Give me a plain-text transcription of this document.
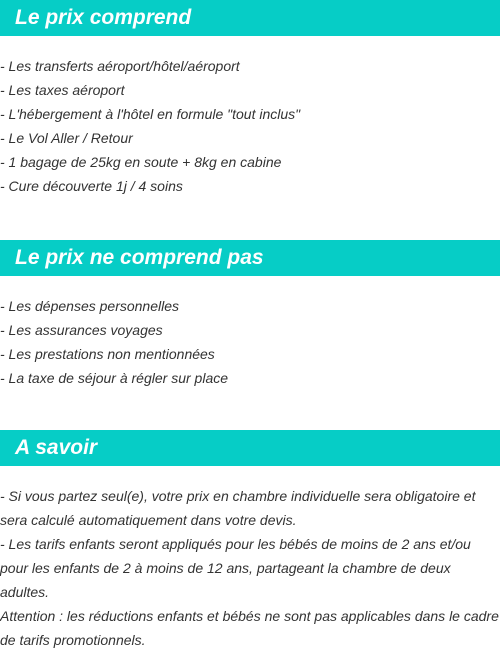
Le prix comprend
- Les transferts aéroport/hôtel/aéroport
- Les taxes aéroport
- L'hébergement à l'hôtel en formule "tout inclus"
- Le Vol Aller / Retour
- 1 bagage de 25kg en soute + 8kg en cabine
- Cure découverte 1j / 4 soins
Le prix ne comprend pas
- Les dépenses personnelles
- Les assurances voyages
- Les prestations non mentionnées
- La taxe de séjour à régler sur place
A savoir
- Si vous partez seul(e), votre prix en chambre individuelle sera obligatoire et sera calculé automatiquement dans votre devis.
- Les tarifs enfants seront appliqués pour les bébés de moins de 2 ans et/ou pour les enfants de 2 à moins de 12 ans, partageant la chambre de deux adultes.
Attention : les réductions enfants et bébés ne sont pas applicables dans le cadre de tarifs promotionnels.
